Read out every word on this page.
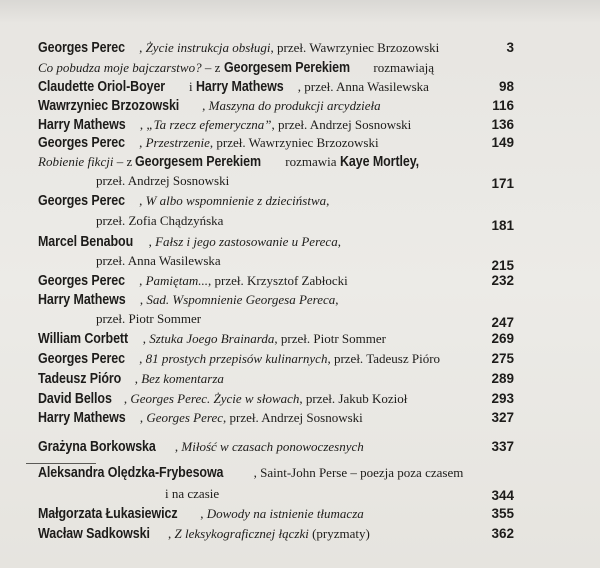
Georges Perec , Życie instrukcja obsługi, przeł. Wawrzyniec Brzozowski	3
Co pobudza moje bajczarstwo? – z Georgesem Perekiem rozmawiają
Claudette Oriol-Boyer i Harry Mathews , przeł. Anna Wasilewska	98
Wawrzyniec Brzozowski , Maszyna do produkcji arcydzieła	116
Harry Mathews , „Ta rzecz efemeryczna”, przeł. Andrzej Sosnowski	136
Georges Perec , Przestrzenie, przeł. Wawrzyniec Brzozowski	149
Robienie fikcji – z Georgesem Perekiem rozmawia Kaye Mortley,
przeł. Andrzej Sosnowski	171
Georges Perec , W albo wspomnienie z dzieciństwa,
przeł. Zofia Chądzyńska	181
Marcel Benabou , Fałsz i jego zastosowanie u Pereca,
przeł. Anna Wasilewska	215
Georges Perec , Pamiętam..., przeł. Krzysztof Zabłocki	232
Harry Mathews , Sad. Wspomnienie Georgesa Pereca,
przeł. Piotr Sommer	247
William Corbett , Sztuka Joego Brainarda, przeł. Piotr Sommer	269
Georges Perec , 81 prostych przepisów kulinarnych, przeł. Tadeusz Pióro	275
Tadeusz Pióro , Bez komentarza	289
David Bellos , Georges Perec. Życie w słowach, przeł. Jakub Kozioł	293
Harry Mathews , Georges Perec, przeł. Andrzej Sosnowski	327
Grażyna Borkowska , Miłość w czasach ponowoczesnych	337
Aleksandra Olędzka-Frybesowa , Saint-John Perse – poezja poza czasem
i na czasie	344
Małgorzata Łukasiewicz , Dowody na istnienie tłumacza	355
Wacław Sadkowski , Z leksykograficznej łączki (pryzmaty)	362
